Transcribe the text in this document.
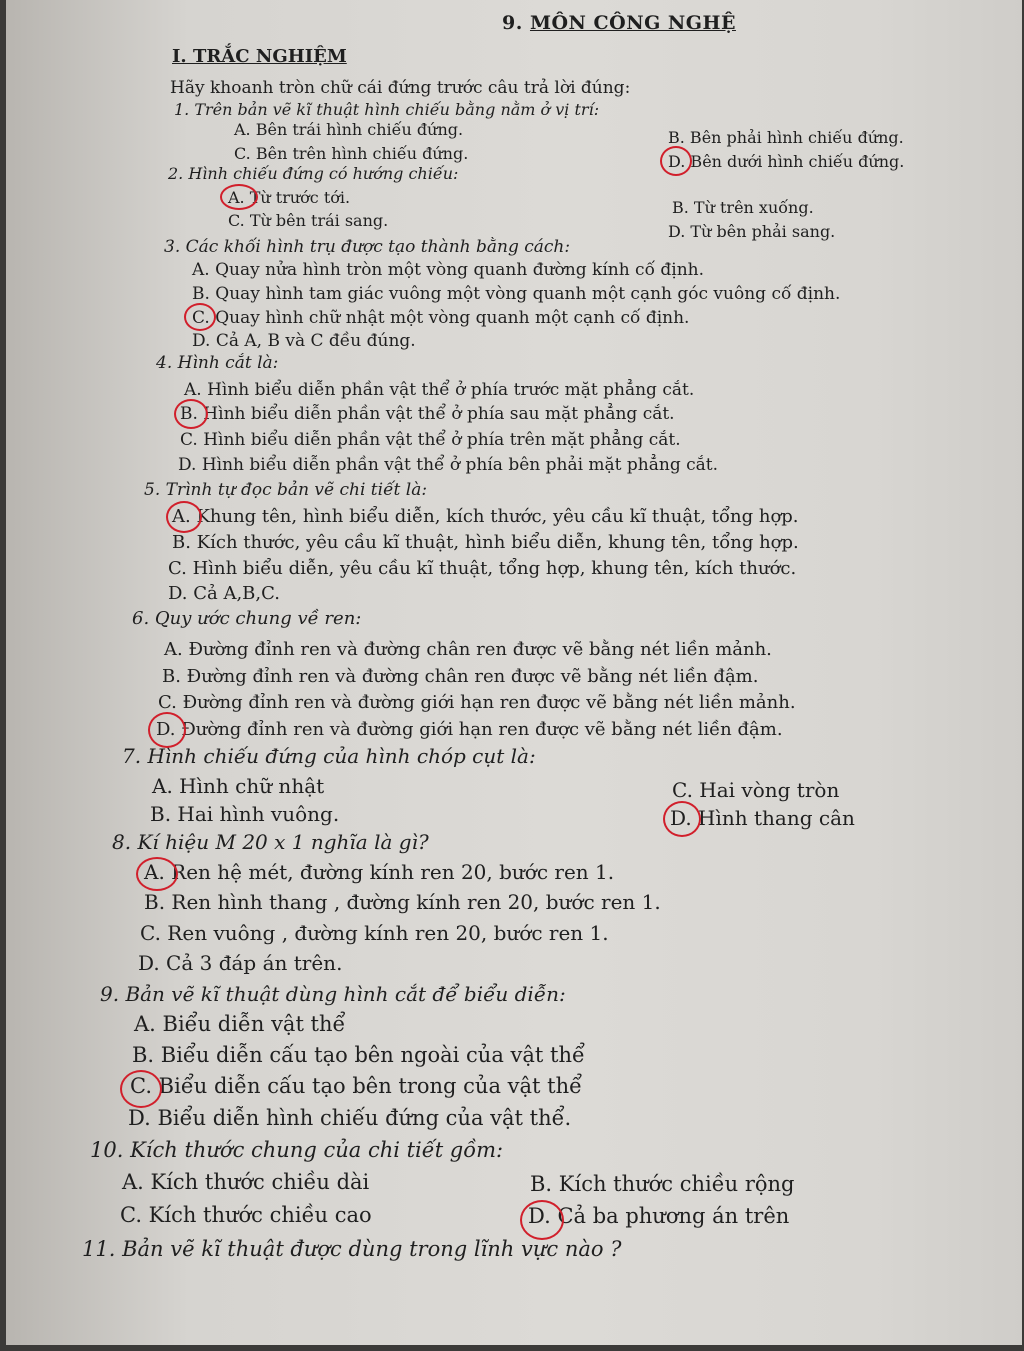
9. MÔN CÔNG NGHỆ
I. TRẮC NGHIỆM
Hãy khoanh tròn chữ cái đứng trước câu trả lời đúng:
1. Trên bản vẽ kĩ thuật hình chiếu bằng nằm ở vị trí:
A. Bên trái hình chiếu đứng.	B. Bên phải hình chiếu đứng.
C. Bên trên hình chiếu đứng.	D. Bên dưới hình chiếu đứng.
2. Hình chiếu đứng có hướng chiếu:
A. Từ trước tới.
B. Từ trên xuống.
C. Từ bên trái sang.
D. Từ bên phải sang.
3. Các khối hình trụ được tạo thành bằng cách:
A. Quay nửa hình tròn một vòng quanh đường kính cố định.
B. Quay hình tam giác vuông một vòng quanh một cạnh góc vuông cố định.
C. Quay hình chữ nhật một vòng quanh một cạnh cố định.
D. Cả A, B và C đều đúng.
4. Hình cắt là:
A. Hình biểu diễn phần vật thể ở phía trước mặt phẳng cắt.
B. Hình biểu diễn phần vật thể ở phía sau mặt phẳng cắt.
C. Hình biểu diễn phần vật thể ở phía trên mặt phẳng cắt.
D. Hình biểu diễn phần vật thể ở phía bên phải mặt phẳng cắt.
5. Trình tự đọc bản vẽ chi tiết là:
A. Khung tên, hình biểu diễn, kích thước, yêu cầu kĩ thuật, tổng hợp.
B. Kích thước, yêu cầu kĩ thuật, hình biểu diễn, khung tên, tổng hợp.
C. Hình biểu diễn, yêu cầu kĩ thuật, tổng hợp, khung tên, kích thước.
D. Cả A,B,C.
6. Quy ước chung về ren:
A. Đường đỉnh ren và đường chân ren được vẽ bằng nét liền mảnh.
B. Đường đỉnh ren và đường chân ren được vẽ bằng nét liền đậm.
C. Đường đỉnh ren và đường giới hạn ren được vẽ bằng nét liền mảnh.
D. Đường đỉnh ren và đường giới hạn ren được vẽ bằng nét liền đậm.
7. Hình chiếu đứng của hình chóp cụt là:
A. Hình chữ nhật	C. Hai vòng tròn
B. Hai hình vuông.	D. Hình thang cân
8. Kí hiệu M 20 x 1 nghĩa là gì?
A. Ren hệ mét, đường kính ren 20, bước ren 1.
B. Ren hình thang , đường kính ren 20, bước ren 1.
C. Ren vuông , đường kính ren 20, bước ren 1.
D. Cả 3 đáp án trên.
9. Bản vẽ kĩ thuật dùng hình cắt để biểu diễn:
A. Biểu diễn vật thể
B. Biểu diễn cấu tạo bên ngoài của vật thể
C. Biểu diễn cấu tạo bên trong của vật thể
D. Biểu diễn hình chiếu đứng của vật thể.
10. Kích thước chung của chi tiết gồm:
A. Kích thước chiều dài	B. Kích thước chiều rộng
C. Kích thước chiều cao	D. Cả ba phương án trên
11. Bản vẽ kĩ thuật được dùng trong lĩnh vực nào ?
